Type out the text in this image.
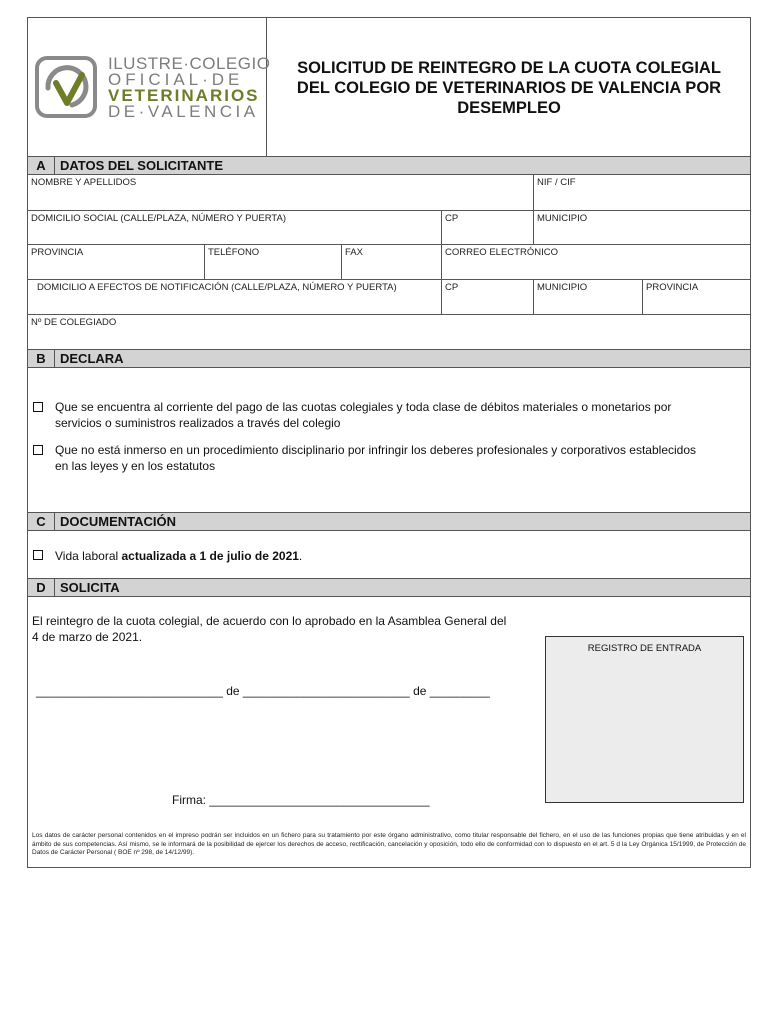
ILUSTRE·COLEGIO
OFICIAL·DE
VETERINARIOS
DE·VALENCIA
SOLICITUD DE REINTEGRO DE LA CUOTA COLEGIAL
DEL COLEGIO DE VETERINARIOS DE VALENCIA POR
DESEMPLEO
A	DATOS DEL SOLICITANTE
NOMBRE Y APELLIDOS	NIF / CIF
DOMICILIO SOCIAL (CALLE/PLAZA, NÚMERO Y PUERTA)	CP	MUNICIPIO
PROVINCIA	TELÉFONO	FAX	CORREO ELECTRÓNICO
DOMICILIO A EFECTOS DE NOTIFICACIÓN (CALLE/PLAZA, NÚMERO Y PUERTA)	CP	MUNICIPIO	PROVINCIA
Nº DE COLEGIADO
B	DECLARA
Que se encuentra al corriente del pago de las cuotas colegiales y toda clase de débitos materiales o monetarios por
servicios o suministros realizados a través del colegio
Que no está inmerso en un procedimiento disciplinario por infringir los deberes profesionales y corporativos establecidos
en las leyes y en los estatutos
C	DOCUMENTACIÓN
Vida laboral actualizada a 1 de julio de 2021.
D	SOLICITA
El reintegro de la cuota colegial, de acuerdo con lo aprobado en la Asamblea General del
4 de marzo de 2021.
REGISTRO DE ENTRADA
____________________________ de _________________________ de _________
Firma: _________________________________
Los datos de carácter personal contenidos en el impreso podrán ser incluidos en un fichero para su tratamiento por este órgano administrativo, como titular responsable del fichero, en el uso de las funciones propias que tiene atribuidas y en el ámbito de sus competencias. Así mismo, se le informará de la posibilidad de ejercer los derechos de acceso, rectificación, cancelación y oposición, todo ello de conformidad con lo dispuesto en el art. 5 d la Ley Orgánica 15/1999, de Protección de Datos de Carácter Personal ( BOE nº 298, de 14/12/99).
